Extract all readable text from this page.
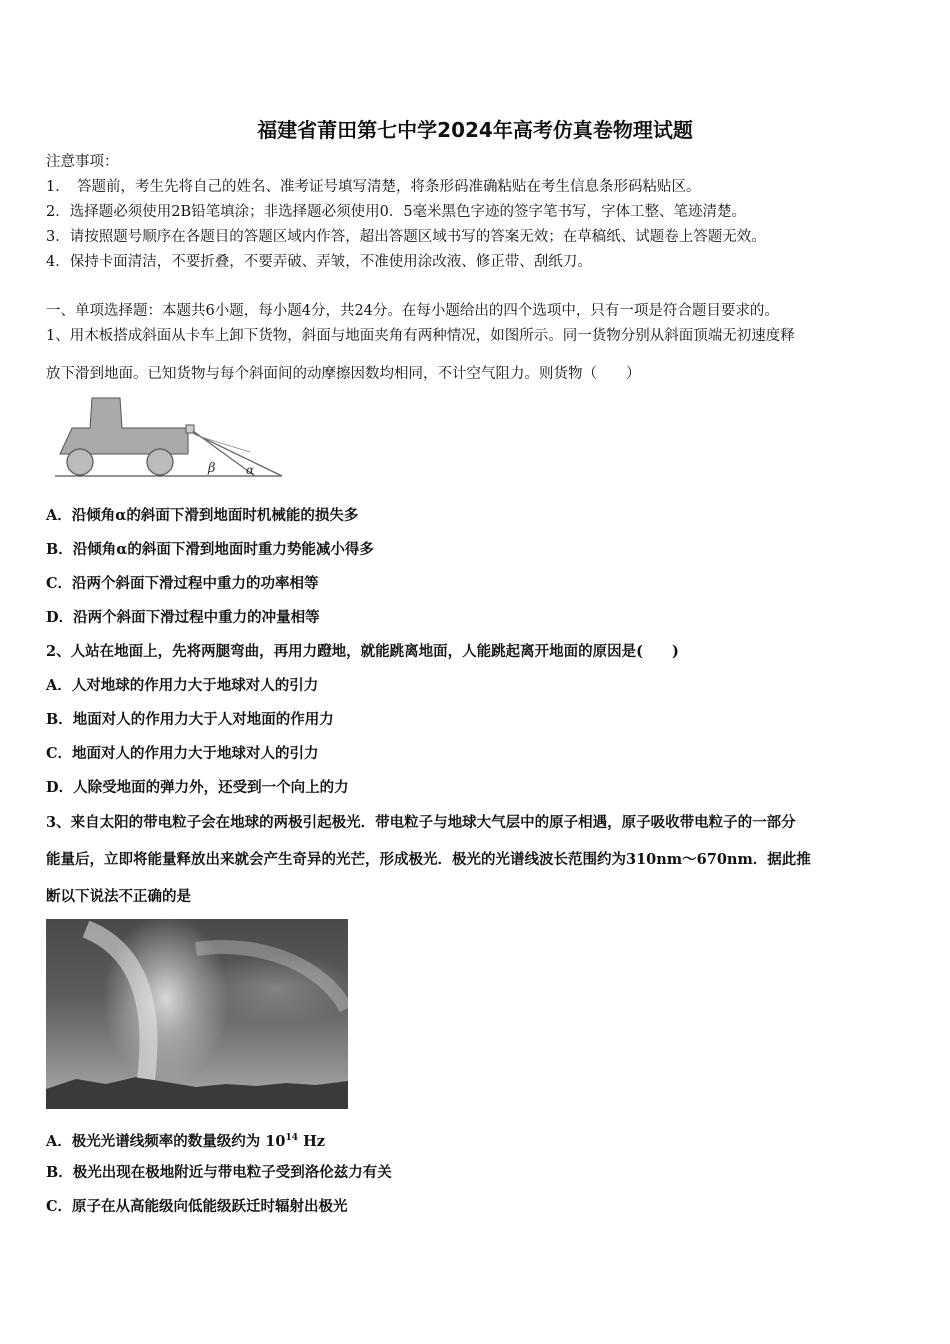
福建省莆田第七中学2024年高考仿真卷物理试题
注意事项：
1．　答题前，考生先将自己的姓名、准考证号填写清楚，将条形码准确粘贴在考生信息条形码粘贴区。
2．选择题必须使用2B铅笔填涂；非选择题必须使用0．5毫米黑色字迹的签字笔书写，字体工整、笔迹清楚。
3．请按照题号顺序在各题目的答题区域内作答，超出答题区域书写的答案无效；在草稿纸、试题卷上答题无效。
4．保持卡面清洁，不要折叠，不要弄破、弄皱，不准使用涂改液、修正带、刮纸刀。
一、单项选择题：本题共6小题，每小题4分，共24分。在每小题给出的四个选项中，只有一项是符合题目要求的。
1、用木板搭成斜面从卡车上卸下货物，斜面与地面夹角有两种情况，如图所示。同一货物分别从斜面顶端无初速度释
放下滑到地面。已知货物与每个斜面间的动摩擦因数均相同，不计空气阻力。则货物（　　）
β	α
A．沿倾角α的斜面下滑到地面时机械能的损失多
B．沿倾角α的斜面下滑到地面时重力势能减小得多
C．沿两个斜面下滑过程中重力的功率相等
D．沿两个斜面下滑过程中重力的冲量相等
2、人站在地面上，先将两腿弯曲，再用力蹬地，就能跳离地面，人能跳起离开地面的原因是(　　)
A．人对地球的作用力大于地球对人的引力
B．地面对人的作用力大于人对地面的作用力
C．地面对人的作用力大于地球对人的引力
D．人除受地面的弹力外，还受到一个向上的力
3、来自太阳的带电粒子会在地球的两极引起极光．带电粒子与地球大气层中的原子相遇，原子吸收带电粒子的一部分
能量后，立即将能量释放出来就会产生奇异的光芒，形成极光．极光的光谱线波长范围约为310nm～670nm．据此推
断以下说法不正确的是
A．极光光谱线频率的数量级约为 $10^{14}$ Hz
B．极光出现在极地附近与带电粒子受到洛伦兹力有关
C．原子在从高能级向低能级跃迁时辐射出极光
